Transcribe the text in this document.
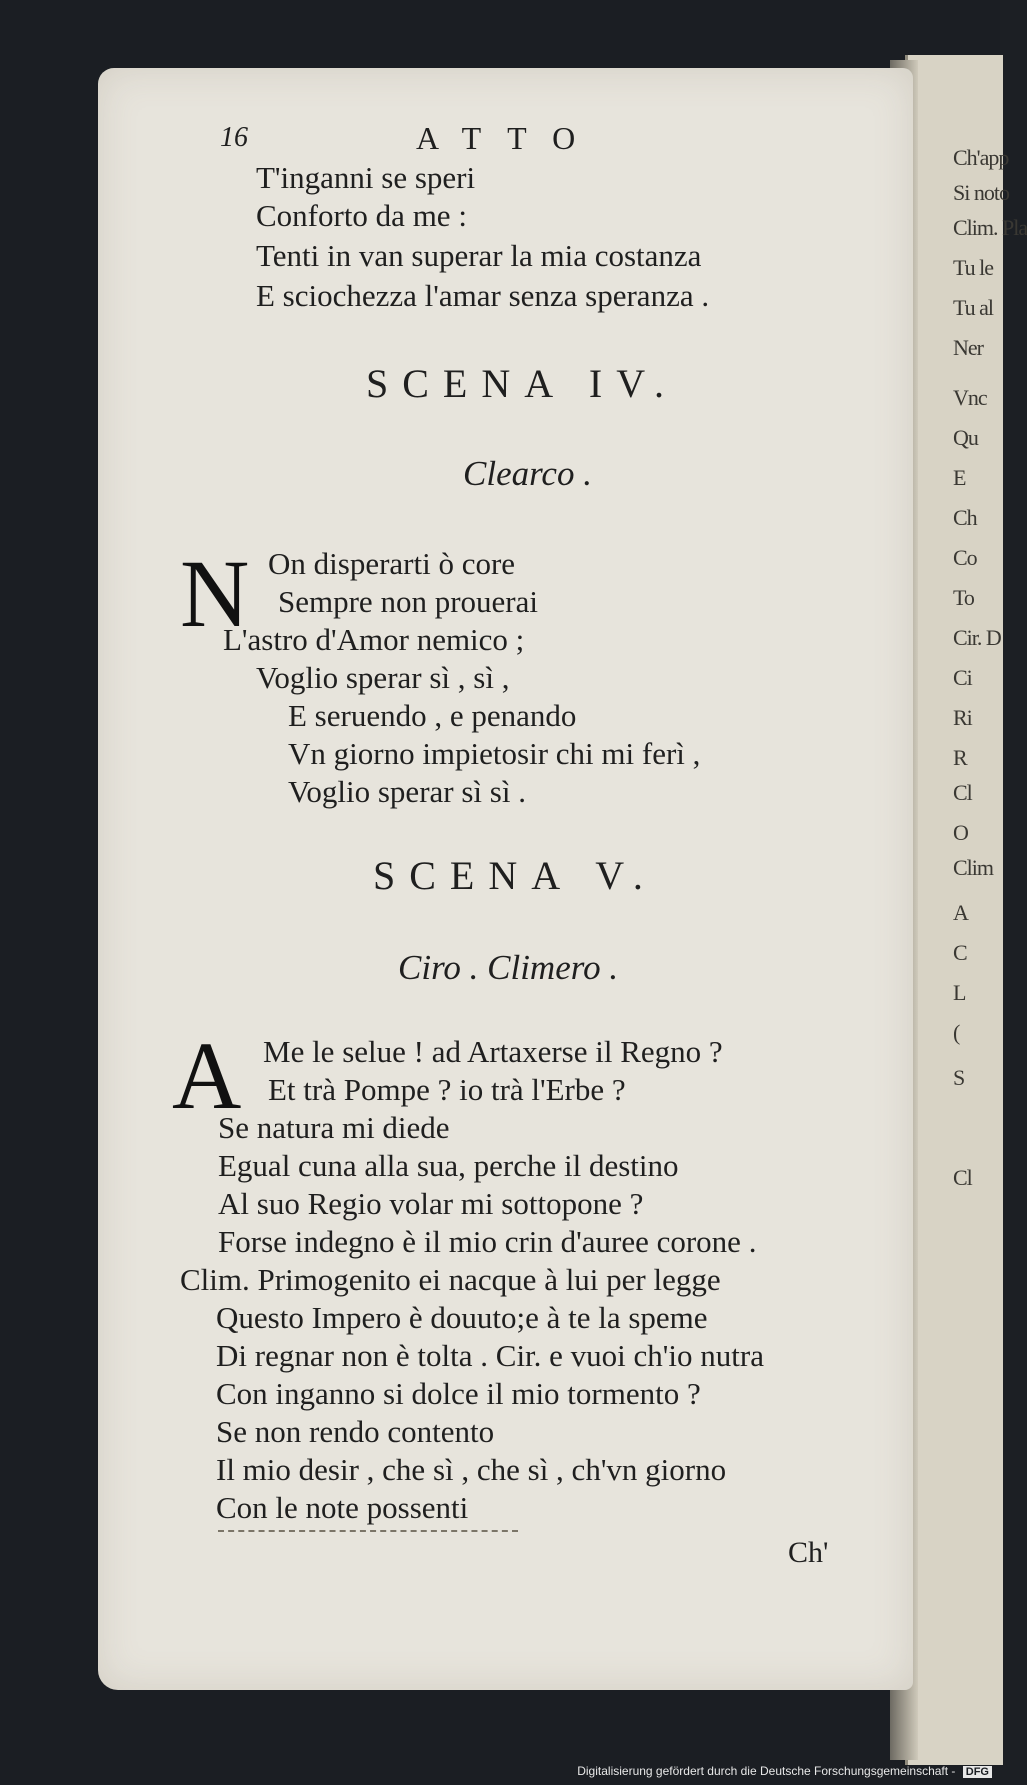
Ch'app
Si noto
Clim. Pla
Tu le
Tu al
Ner
Vnc
Qu
E
Ch
Co
To
Cir. D
Ci
Ri
R
Cl
O
Clim
A
C
L
(
S
Cl
16	ATTO
T'inganni se speri
Conforto da me :
Tenti in van superar la mia costanza
E sciochezza l'amar senza speranza .
SCENA IV.
Clearco .
N On disperarti ò core
Sempre non prouerai
L'astro d'Amor nemico ;
Voglio sperar sì , sì ,
E seruendo , e penando
Vn giorno impietosir chi mi ferì ,
Voglio sperar sì sì .
SCENA V.
Ciro . Climero .
A Me le selue ! ad Artaxerse il Regno ?
Et trà Pompe ? io trà l'Erbe ?
Se natura mi diede
Egual cuna alla sua, perche il destino
Al suo Regio volar mi sottopone ?
Forse indegno è il mio crin d'auree corone .
Clim. Primogenito ei nacque à lui per legge
Questo Impero è douuto;e à te la speme
Di regnar non è tolta . Cir. e vuoi ch'io nutra
Con inganno si dolce il mio tormento ?
Se non rendo contento
Il mio desir , che sì , che sì , ch'vn giorno
Con le note possenti
Ch'
Digitalisierung gefördert durch die Deutsche Forschungsgemeinschaft - DFG
